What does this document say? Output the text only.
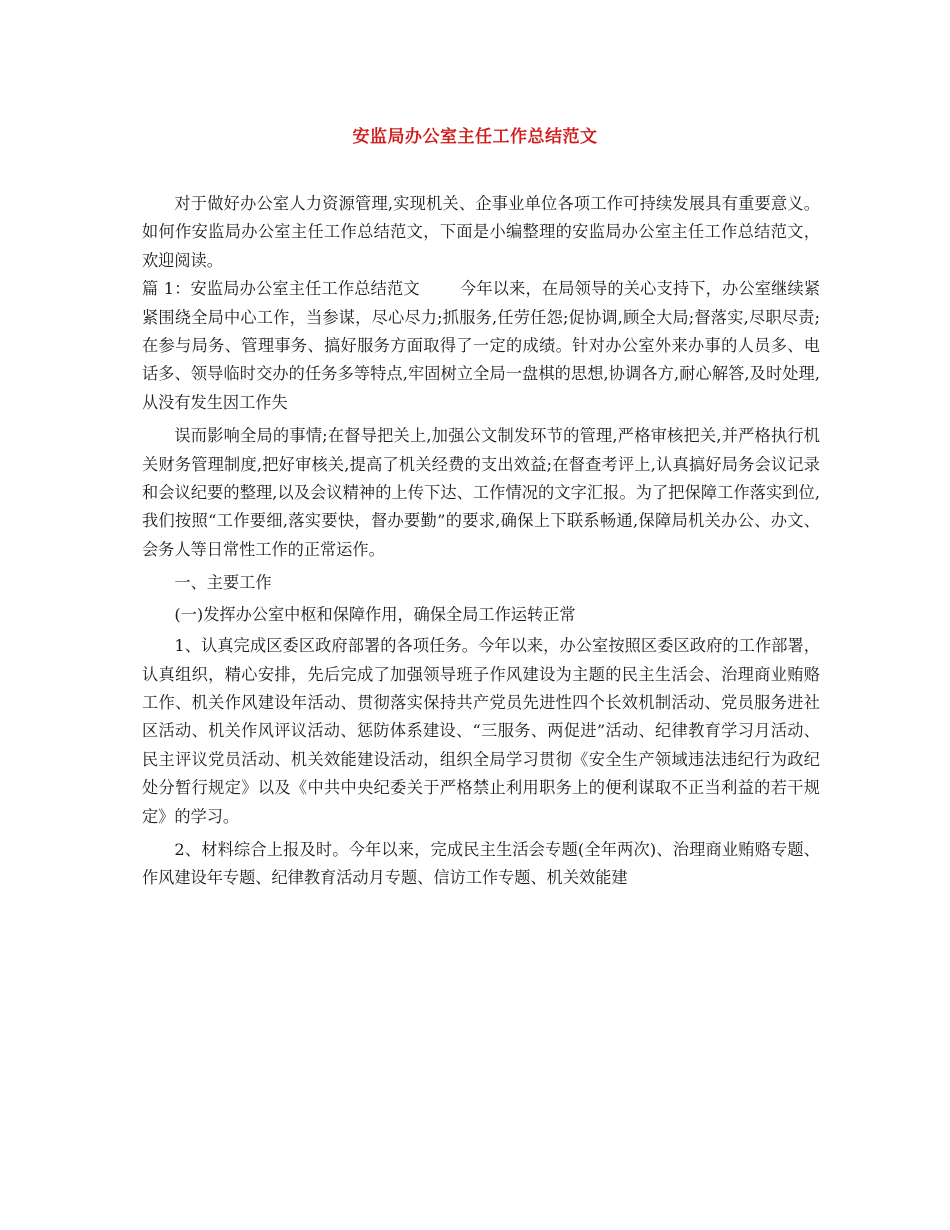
安监局办公室主任工作总结范文

对于做好办公室人力资源管理,实现机关、企事业单位各项工作可持续发展具有重要意义。如何作安监局办公室主任工作总结范文，下面是小编整理的安监局办公室主任工作总结范文，欢迎阅读。

篇 1：安监局办公室主任工作总结范文 今年以来，在局领导的关心支持下，办公室继续紧紧围绕全局中心工作，当参谋，尽心尽力;抓服务,任劳任怨;促协调,顾全大局;督落实,尽职尽责;在参与局务、管理事务、搞好服务方面取得了一定的成绩。针对办公室外来办事的人员多、电话多、领导临时交办的任务多等特点,牢固树立全局一盘棋的思想,协调各方,耐心解答,及时处理,从没有发生因工作失

误而影响全局的事情;在督导把关上,加强公文制发环节的管理,严格审核把关,并严格执行机关财务管理制度,把好审核关,提高了机关经费的支出效益;在督查考评上,认真搞好局务会议记录和会议纪要的整理,以及会议精神的上传下达、工作情况的文字汇报。为了把保障工作落实到位,我们按照“工作要细,落实要快，督办要勤”的要求,确保上下联系畅通,保障局机关办公、办文、会务人等日常性工作的正常运作。

一、主要工作

(一)发挥办公室中枢和保障作用，确保全局工作运转正常

1、认真完成区委区政府部署的各项任务。今年以来，办公室按照区委区政府的工作部署，认真组织，精心安排，先后完成了加强领导班子作风建设为主题的民主生活会、治理商业贿赂工作、机关作风建设年活动、贯彻落实保持共产党员先进性四个长效机制活动、党员服务进社区活动、机关作风评议活动、惩防体系建设、“三服务、两促进”活动、纪律教育学习月活动、民主评议党员活动、机关效能建设活动，组织全局学习贯彻《安全生产领域违法违纪行为政纪处分暂行规定》以及《中共中央纪委关于严格禁止利用职务上的便利谋取不正当利益的若干规定》的学习。

2、材料综合上报及时。今年以来，完成民主生活会专题(全年两次)、治理商业贿赂专题、作风建设年专题、纪律教育活动月专题、信访工作专题、机关效能建
